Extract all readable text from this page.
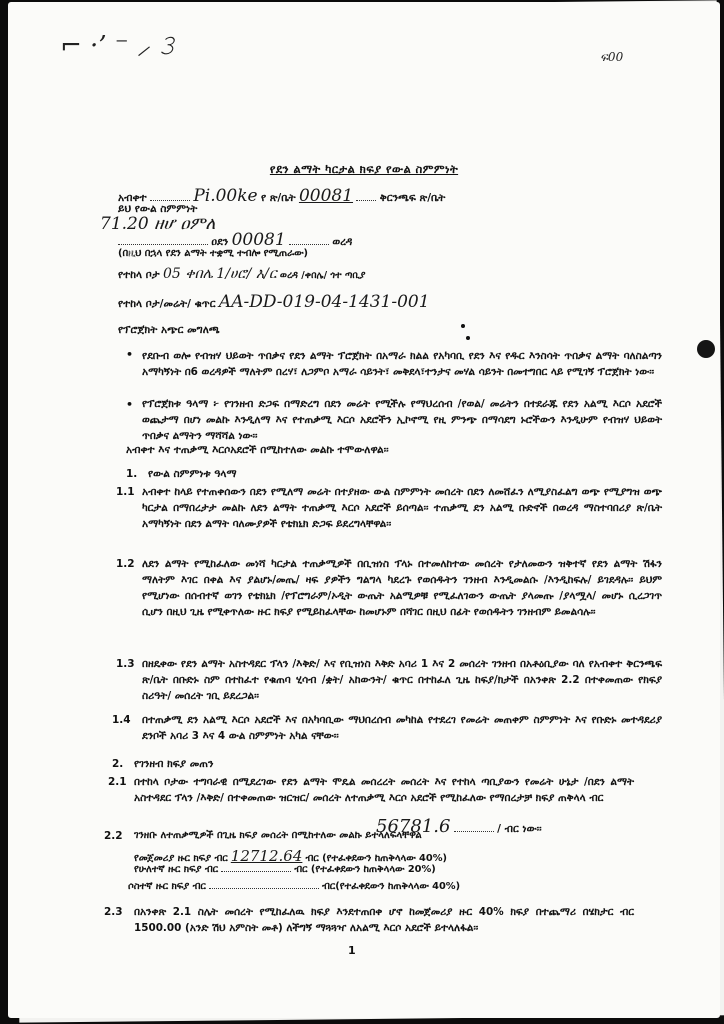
⌐ ·’ ⁻ ⸝ 𝟹	ፍ00
የደን ልማት ካርታል ክፍያ የውል ስምምነት
አብቀተ	Pi.00ke የ ጽ/ቤት 00081	ቅርንጫፍ ጽ/ቤት
ይህ የውል ስምምነት
71.20 ዘሆ ዐምለ
ዐደን 00081	ወረዳ
(በዚህ በኋላ የደን ልማት ተቋሚ ተብሎ የሚጠራው)
የተከላ ቦታ 05 ቀበሌ 1/ሀሮ/ እ/ር ወረዳ /ቀበሌ/ ጎተ ጣቢያ
የተከላ ቦታ/መሬት/ ቁጥር AA-DD-019-04-1431-001
የፕሮጀክት አጭር መግለጫ
• የደቡብ ወሎ የብዝሃ ህይወት ጥበቃና የደን ልማት ፕሮጀክት በአማራ ክልል የአካባቢ የደን እና የዱር እንስሳት ጥበቃና ልማት ባለስልጣን አማካኝነት በ6 ወረዳዎች ማለትም በረሃ፣ ለጋምቦ አማራ ሳይንት፣ መቅደላ፣ተንታና መሃል ሳይንት በመተግበር ላይ የሚገኝ ፕሮጀክት ነው፡፡
• የፕሮጀክቱ ዓላማ ፦ የገንዘብ ድጋፍ በማድረግ በደን መሬት የሚችሉ የማህረሰብ /የወል/ መሬትን በተደራጁ የደን አልሚ እርሶ አደሮች ወጨታማ በሆነ መልኩ እንዲለማ እና የተጠቃሚ እርሶ አደሮችን ኢኮኖሚ የዚ ምንጭ በማሳደግ ኑሮችውን እንዲሁም የብዝሃ ህይወት ጥበቃና ልማትን ማሻሻል ነው፡፡
አብቀተ እና ተጠቃሚ እርሶአደሮች በሚከተለው መልኩ ተሞውለዋል፡፡
1. የውል ስምምነቱ ዓላማ
1.1 አብቀተ ከላይ የተጠቀሰውን በደን የሚለማ መሬት በተያዘው ውል ስምምነት መሰረት በደን ለመሸፈን ለሚያስፈልግ ወጭ የሚያግዝ ወጭ ካርታል በማበረታታ መልኩ ለደን ልማት ተጠቃሚ እርሶ አደሮች ይሰጣል፡፡ ተጠቃሚ ደን አልሚ ቡድኖች በወረዳ ማስተባበሪያ ጽ/ቤት አማካኝነት በደን ልማት ባለሙያዎች የቴክኒክ ድጋፍ ይደረግላቸዋል፡፡
1.2 ለደን ልማት የሚከፈለው መነሻ ካርታል ተጠቃሚዎች በቢዝነስ ፕላኑ በተመለከተው መሰረት የታለመውን ዝቅተኛ የደን ልማት ሽፋን ማለትም እገር በቀል እና ያልሆኑ/መጤ/ ዛፍ ያዎችን ግልግላ ካደረጉ የወሰዱትን ገንዘብ እንዲመልሱ /እንዲከፍሉ/ ይገደዳሉ፡፡ ይህም የሚሆነው በሰብተኛ ወገን የቴክኒክ /የፕሮግራም/ኦዲት ውጤት አልሚዎቹ የሚፈለገውን ውጤት ያላመጡ /ያላሟላ/ መሆኑ ሲረጋገጥ ሲሆን በዚህ ጊዜ የሚቀጥለው ዙር ክፍያ የሚይከፈላቸው ከመሆኑም በሻገር በዚህ በፊት የወሰዱትን ገንዘብም ይመልሳሉ፡፡
1.3 በዘዴቀው የደን ልማት አስተዳደር ፕላን /እቅድ/ እና የቢዝነስ እቅድ አባሪ 1 እና 2 መሰረት ገንዘብ በአቶዕቢያው ባለ የአብቀተ ቅርንጫፍ ጽ/ቤት በቡድኑ ስም በተከፈተ የቁጠባ ሂሳብ /ቋት/ አከውንት/ ቁጥር በተከፈለ ጊዜ ከፍያ/ክታች በአንቀጽ 2.2 በተቀመጠው የክፍያ ስሪዓት/ መሰረት ገቢ ይደረጋል፡፡
1.4 በተጠቃሚ ደን አልሚ እርሶ አደሮች እና በአካባቢው ማህበረሰብ መካከል የተደረገ የመሬት መጠቀም ስምምነት እና የቡድኑ መተዳደሪያ ደንቦች አባሪ 3 እና 4 ውል ስምምነት አካል ናቸው፡፡
2. የገንዘብ ክፍያ መጠን
2.1 በተከላ ቦታው ተግባራዊ በሚደረገው የደን ልማት ሞዴል መሰረረት መሰረት እና የተከላ ጣቢያውን የመሬት ሁኔታ /በደን ልማት አስተዳደር ፕላን /እቅድ/ በተቀመጠው ዝርዝር/ መሰረት ለተጠቃሚ እርሶ አደሮች የሚከፈለው የማበረታቻ ክፍያ ጠቅላላ ብር
56781.6	/ ብር ነው፡፡
2.2 ገንዘቡ ለተጠቃሚዎች በጊዜ ክፍያ መሰረት በሚከተለው መልኩ ይተላለፍላቸዋል
የመጀመሪያ ዙር ክፍያ ብር 12712.64 ብር (የተፈቀደውን ከጠቅላላው 40%)
የሁለተኛ ዙር ክፍያ ብር	ብር (የተፈቀደውን ከጠቅላላው 20%)
ሶስተኛ ዙር ክፍያ ብር	ብር(የተፈቀደውን ከጠቅላላው 40%)
2.3 በአንቀጽ 2.1 ስሌት መሰረት የሚከፈለዉ ክፍያ እንደተጠበቀ ሆኖ ከመጀመሪያ ዙር 40% ክፍያ በተጨማሪ በሄክታር ብር 1500.00 (አንድ ሽህ አምስት መቶ) ለችግኝ ማጓጓዣ ለአልሚ እርሶ አደሮች ይተላለፋል፡፡
1
